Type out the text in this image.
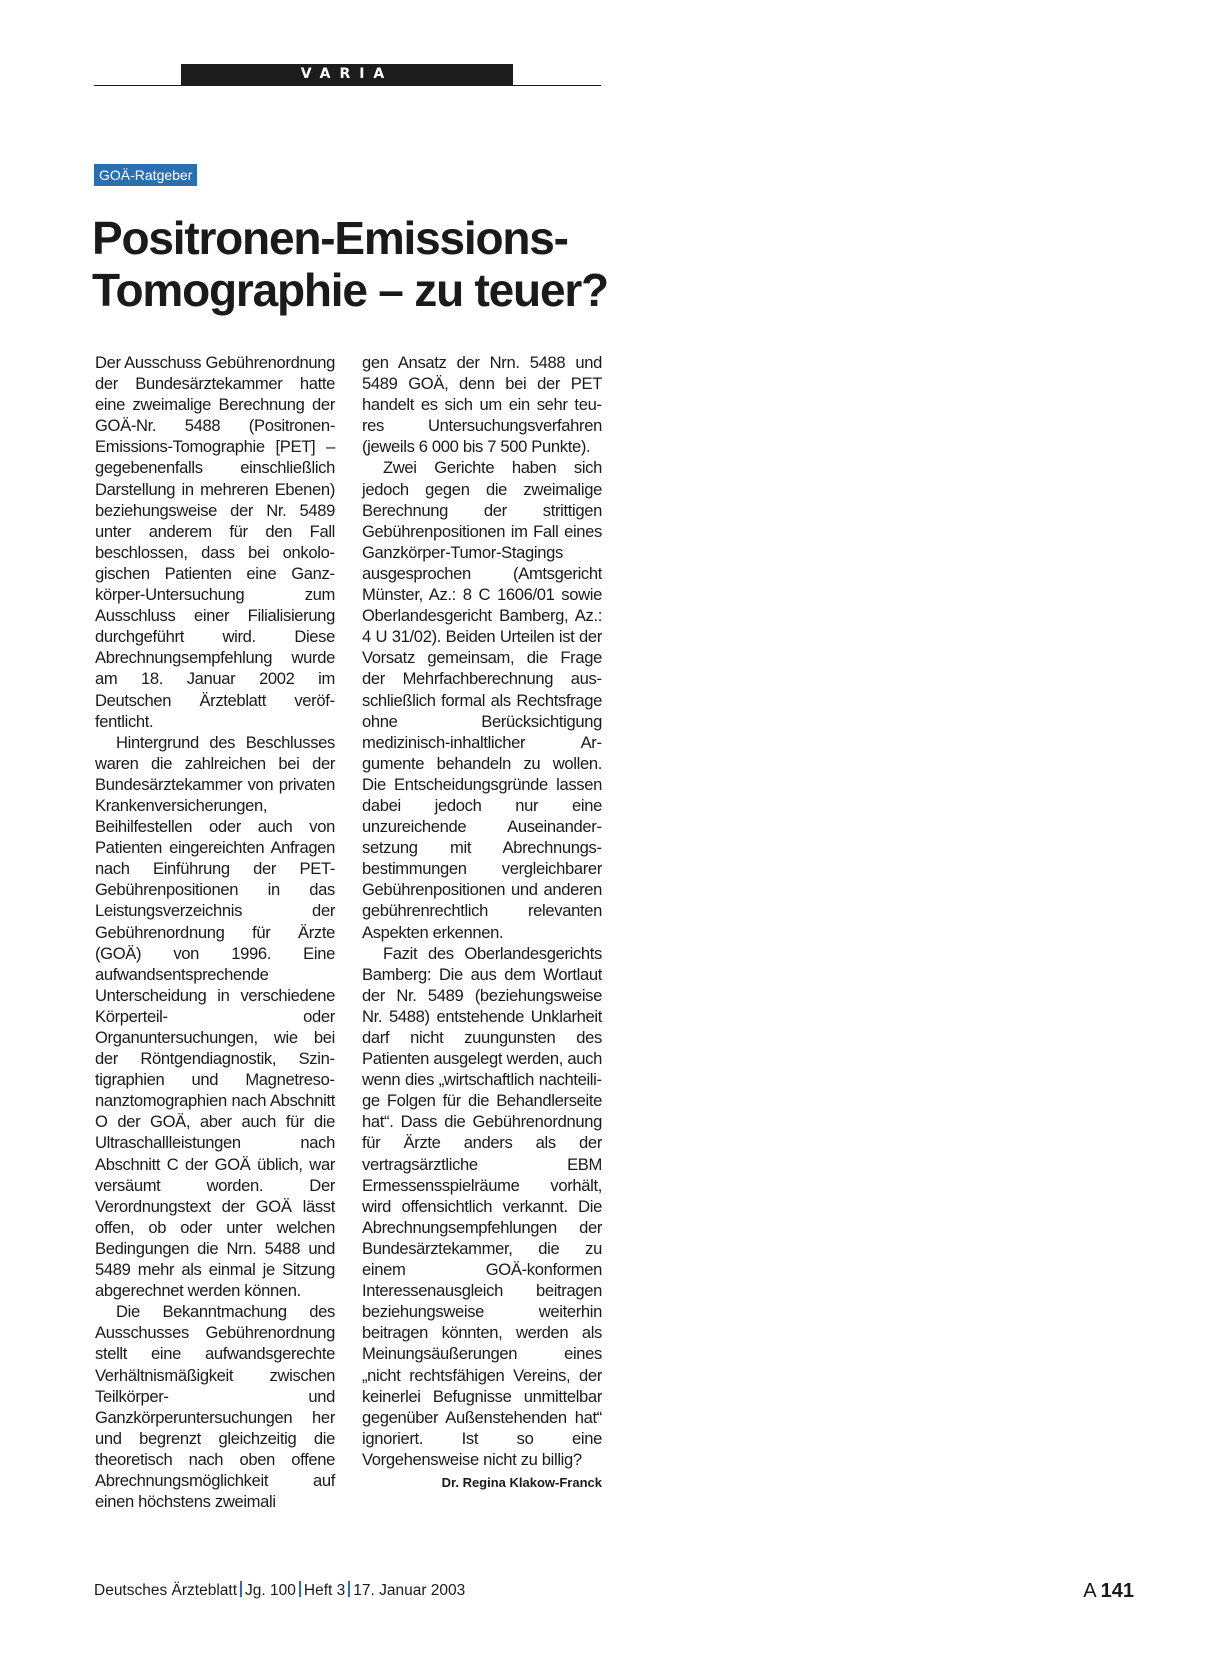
VARIA
GOÄ-Ratgeber
Positronen-Emissions-
Tomographie – zu teuer?

Der Ausschuss Gebührenordnung der Bundesärztekammer hatte eine zweimalige Berechnung der GOÄ-Nr. 5488 (Positronen-Emissions-Tomographie [PET] – gegebenenfalls einschließlich Darstellung in mehreren Ebenen) beziehungsweise der Nr. 5489 unter anderem für den Fall beschlossen, dass bei onkologischen Patienten eine Ganzkörper-Untersuchung zum Ausschluss einer Filialisierung durchgeführt wird. Diese Abrechnungsempfehlung wurde am 18. Januar 2002 im Deutschen Ärzteblatt veröffentlicht.

Hintergrund des Beschlusses waren die zahlreichen bei der Bundesärztekammer von privaten Krankenversicherungen, Beihilfestellen oder auch von Patienten eingereichten Anfragen nach Einführung der PET-Gebührenpositionen in das Leistungsverzeichnis der Gebührenordnung für Ärzte (GOÄ) von 1996. Eine aufwandsentsprechende Unterscheidung in verschiedene Körperteil- oder Organuntersuchungen, wie bei der Röntgendiagnostik, Szintigraphien und Magnetresonanztomographien nach Abschnitt O der GOÄ, aber auch für die Ultraschallleistungen nach Abschnitt C der GOÄ üblich, war versäumt worden. Der Verordnungstext der GOÄ lässt offen, ob oder unter welchen Bedingungen die Nrn. 5488 und 5489 mehr als einmal je Sitzung abgerechnet werden können.

Die Bekanntmachung des Ausschusses Gebührenordnung stellt eine aufwandsgerechte Verhältnismäßigkeit zwischen Teilkörper- und Ganzkörperuntersuchungen her und begrenzt gleichzeitig die theoretisch nach oben offene Abrechnungsmöglichkeit auf einen höchstens zweimali

gen Ansatz der Nrn. 5488 und 5489 GOÄ, denn bei der PET handelt es sich um ein sehr teures Untersuchungsverfahren (jeweils 6 000 bis 7 500 Punkte).

Zwei Gerichte haben sich jedoch gegen die zweimalige Berechnung der strittigen Gebührenpositionen im Fall eines Ganzkörper-Tumor-Stagings ausgesprochen (Amtsgericht Münster, Az.: 8 C 1606/01 sowie Oberlandesgericht Bamberg, Az.: 4 U 31/02). Beiden Urteilen ist der Vorsatz gemeinsam, die Frage der Mehrfachberechnung ausschließlich formal als Rechtsfrage ohne Berücksichtigung medizinisch-inhaltlicher Argumente behandeln zu wollen. Die Entscheidungsgründe lassen dabei jedoch nur eine unzureichende Auseinandersetzung mit Abrechnungsbestimmungen vergleichbarer Gebührenpositionen und anderen gebührenrechtlich relevanten Aspekten erkennen.

Fazit des Oberlandesgerichts Bamberg: Die aus dem Wortlaut der Nr. 5489 (beziehungsweise Nr. 5488) entstehende Unklarheit darf nicht zuungunsten des Patienten ausgelegt werden, auch wenn dies „wirtschaftlich nachteilige Folgen für die Behandlerseite hat“. Dass die Gebührenordnung für Ärzte anders als der vertragsärztliche EBM Ermessensspielräume vorhält, wird offensichtlich verkannt. Die Abrechnungsempfehlungen der Bundesärztekammer, die zu einem GOÄ-konformen Interessenausgleich beitragen beziehungsweise weiterhin beitragen könnten, werden als Meinungsäußerungen eines „nicht rechtsfähigen Vereins, der keinerlei Befugnisse unmittelbar gegenüber Außenstehenden hat“ ignoriert. Ist so eine Vorgehensweise nicht zu billig?
Dr. Regina Klakow-Franck

Deutsches Ärzteblatt Jg. 100 Heft 3 17. Januar 2003	A  141
